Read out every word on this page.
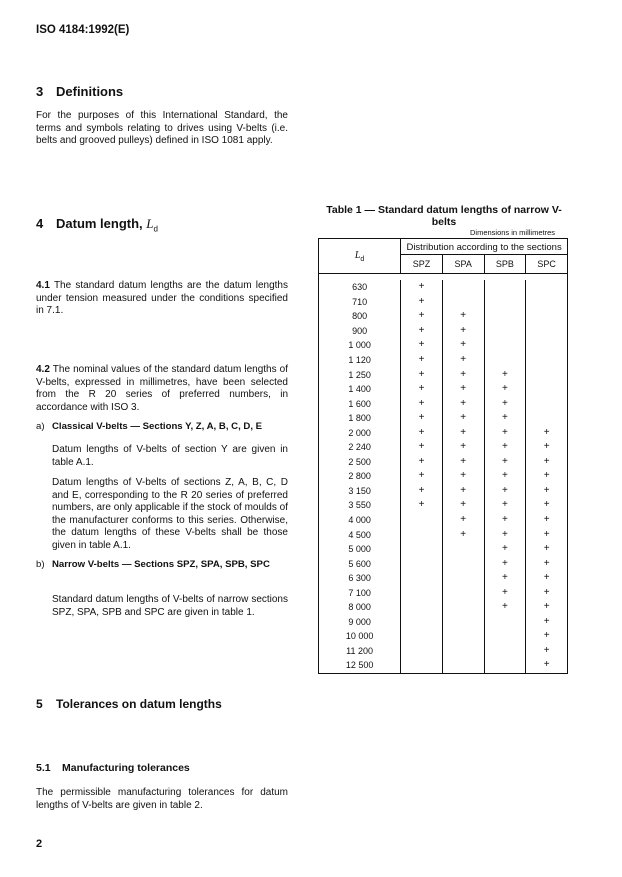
ISO 4184:1992(E)
3 Definitions
For the purposes of this International Standard, the terms and symbols relating to drives using V-belts (i.e. belts and grooved pulleys) defined in ISO 1081 apply.
4 Datum length, $L_d$
4.1 The standard datum lengths are the datum lengths under tension measured under the conditions specified in 7.1.
4.2 The nominal values of the standard datum lengths of V-belts, expressed in millimetres, have been selected from the R 20 series of preferred numbers, in accordance with ISO 3.
a) Classical V-belts — Sections Y, Z, A, B, C, D, E
Datum lengths of V-belts of section Y are given in table A.1.
Datum lengths of V-belts of sections Z, A, B, C, D and E, corresponding to the R 20 series of preferred numbers, are only applicable if the stock of moulds of the manufacturer conforms to this series. Otherwise, the datum lengths of these V-belts shall be those given in table A.1.
b) Narrow V-belts — Sections SPZ, SPA, SPB, SPC
Standard datum lengths of V-belts of narrow sections SPZ, SPA, SPB and SPC are given in table 1.
5 Tolerances on datum lengths
5.1 Manufacturing tolerances
The permissible manufacturing tolerances for datum lengths of V-belts are given in table 2.
Table 1 — Standard datum lengths of narrow V-belts
Dimensions in millimetres
$L_d$	Distribution according to the sections			
	SPZ	SPA	SPB	SPC

630	+			
710	+			
800	+	+		
900	+	+		
1 000	+	+		
1 120	+	+		
1 250	+	+	+	
1 400	+	+	+	
1 600	+	+	+	
1 800	+	+	+	
2 000	+	+	+	+
2 240	+	+	+	+
2 500	+	+	+	+
2 800	+	+	+	+
3 150	+	+	+	+
3 550	+	+	+	+
4 000		+	+	+
4 500		+	+	+
5 000			+	+
5 600			+	+
6 300			+	+
7 100			+	+
8 000			+	+
9 000				+
10 000				+
11 200				+
12 500				+
2
